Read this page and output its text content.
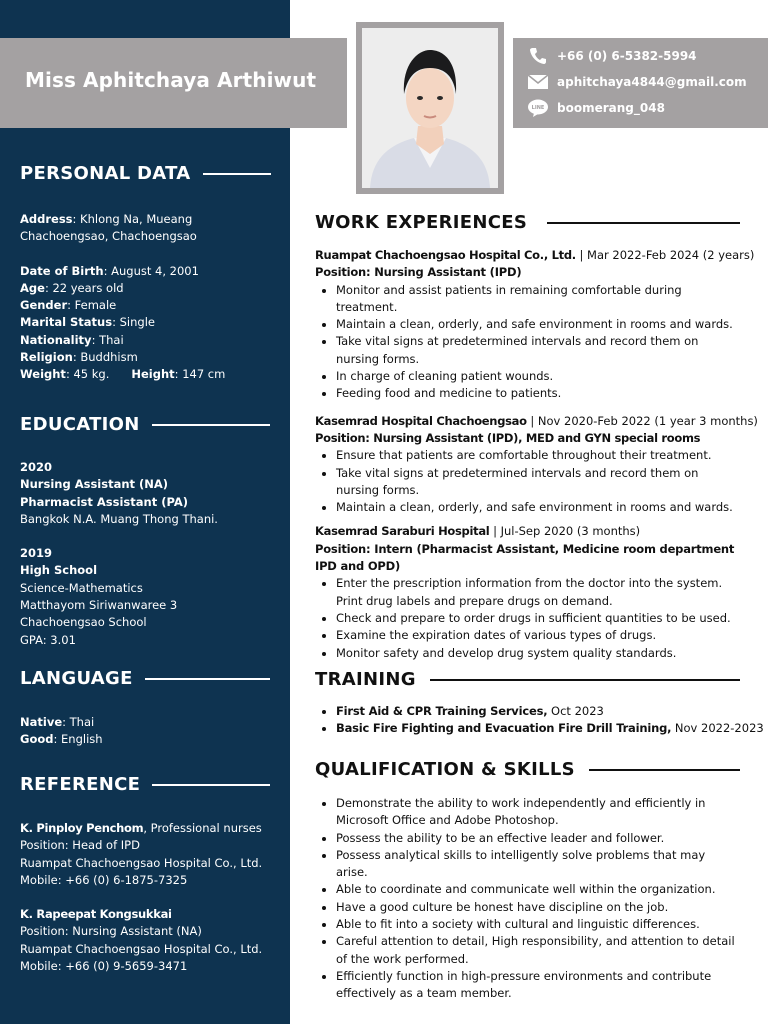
Miss Aphitchaya Arthiwut
+66 (0) 6-5382-5994
aphitchaya4844@gmail.com
LINE boomerang_048
PERSONAL DATA
Address: Khlong Na, Mueang
Chachoengsao, Chachoengsao
Date of Birth: August 4, 2001
Age: 22 years old
Gender: Female
Marital Status: Single
Nationality: Thai
Religion: Buddhism
Weight: 45 kg. Height: 147 cm
EDUCATION
2020
Nursing Assistant (NA)
Pharmacist Assistant (PA)
Bangkok N.A. Muang Thong Thani.
2019
High School
Science-Mathematics
Matthayom Siriwanwaree 3
Chachoengsao School
GPA: 3.01
LANGUAGE
Native: Thai
Good: English
REFERENCE
K. Pinploy Penchom, Professional nurses
Position: Head of IPD
Ruampat Chachoengsao Hospital Co., Ltd.
Mobile: +66 (0) 6-1875-7325
K. Rapeepat Kongsukkai
Position: Nursing Assistant (NA)
Ruampat Chachoengsao Hospital Co., Ltd.
Mobile: +66 (0) 9-5659-3471
WORK EXPERIENCES
Ruampat Chachoengsao Hospital Co., Ltd. | Mar 2022-Feb 2024 (2 years)
Position: Nursing Assistant (IPD)
Monitor and assist patients in remaining comfortable during treatment.
Maintain a clean, orderly, and safe environment in rooms and wards.
Take vital signs at predetermined intervals and record them on nursing forms.
In charge of cleaning patient wounds.
Feeding food and medicine to patients.
Kasemrad Hospital Chachoengsao | Nov 2020-Feb 2022 (1 year 3 months)
Position: Nursing Assistant (IPD), MED and GYN special rooms
Ensure that patients are comfortable throughout their treatment.
Take vital signs at predetermined intervals and record them on nursing forms.
Maintain a clean, orderly, and safe environment in rooms and wards.
Kasemrad Saraburi Hospital | Jul-Sep 2020 (3 months)
Position: Intern (Pharmacist Assistant, Medicine room department IPD and OPD)
Enter the prescription information from the doctor into the system. Print drug labels and prepare drugs on demand.
Check and prepare to order drugs in sufficient quantities to be used.
Examine the expiration dates of various types of drugs.
Monitor safety and develop drug system quality standards.
TRAINING
First Aid & CPR Training Services, Oct 2023
Basic Fire Fighting and Evacuation Fire Drill Training, Nov 2022-2023
QUALIFICATION & SKILLS
Demonstrate the ability to work independently and efficiently in Microsoft Office and Adobe Photoshop.
Possess the ability to be an effective leader and follower.
Possess analytical skills to intelligently solve problems that may arise.
Able to coordinate and communicate well within the organization.
Have a good culture be honest have discipline on the job.
Able to fit into a society with cultural and linguistic differences.
Careful attention to detail, High responsibility, and attention to detail of the work performed.
Efficiently function in high-pressure environments and contribute effectively as a team member.
